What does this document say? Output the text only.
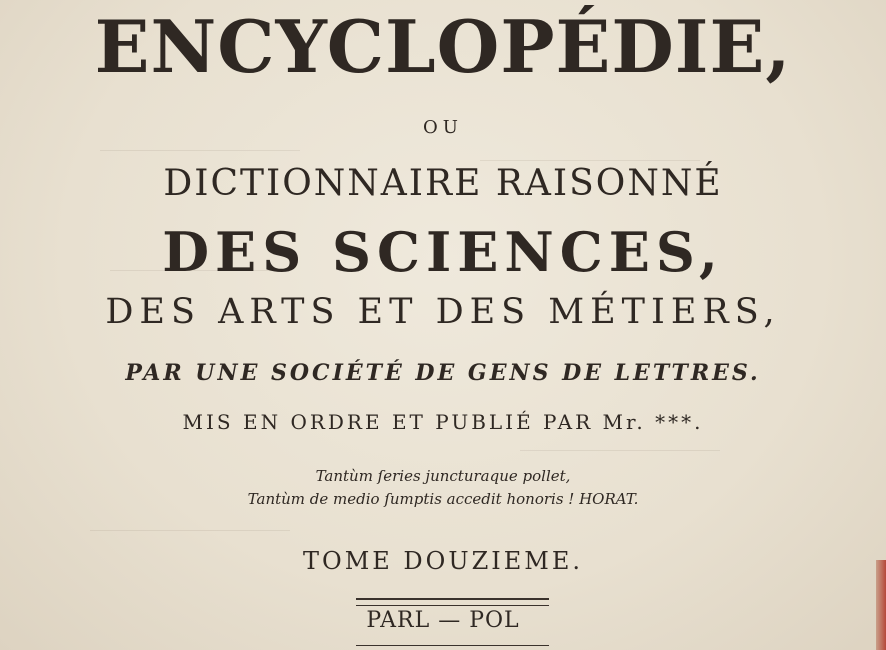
ENCYCLOPÉDIE,
OU
DICTIONNAIRE RAISONNÉ
DES SCIENCES,
DES ARTS ET DES MÉTIERS,
PAR UNE SOCIÉTÉ DE GENS DE LETTRES.
MIS EN ORDRE ET PUBLIÉ PAR Mr. ***.
Tantùm ſeries juncturaque pollet,
Tantùm de medio ſumptis accedit honoris ! HORAT.
TOME DOUZIEME.
PARL — POL
